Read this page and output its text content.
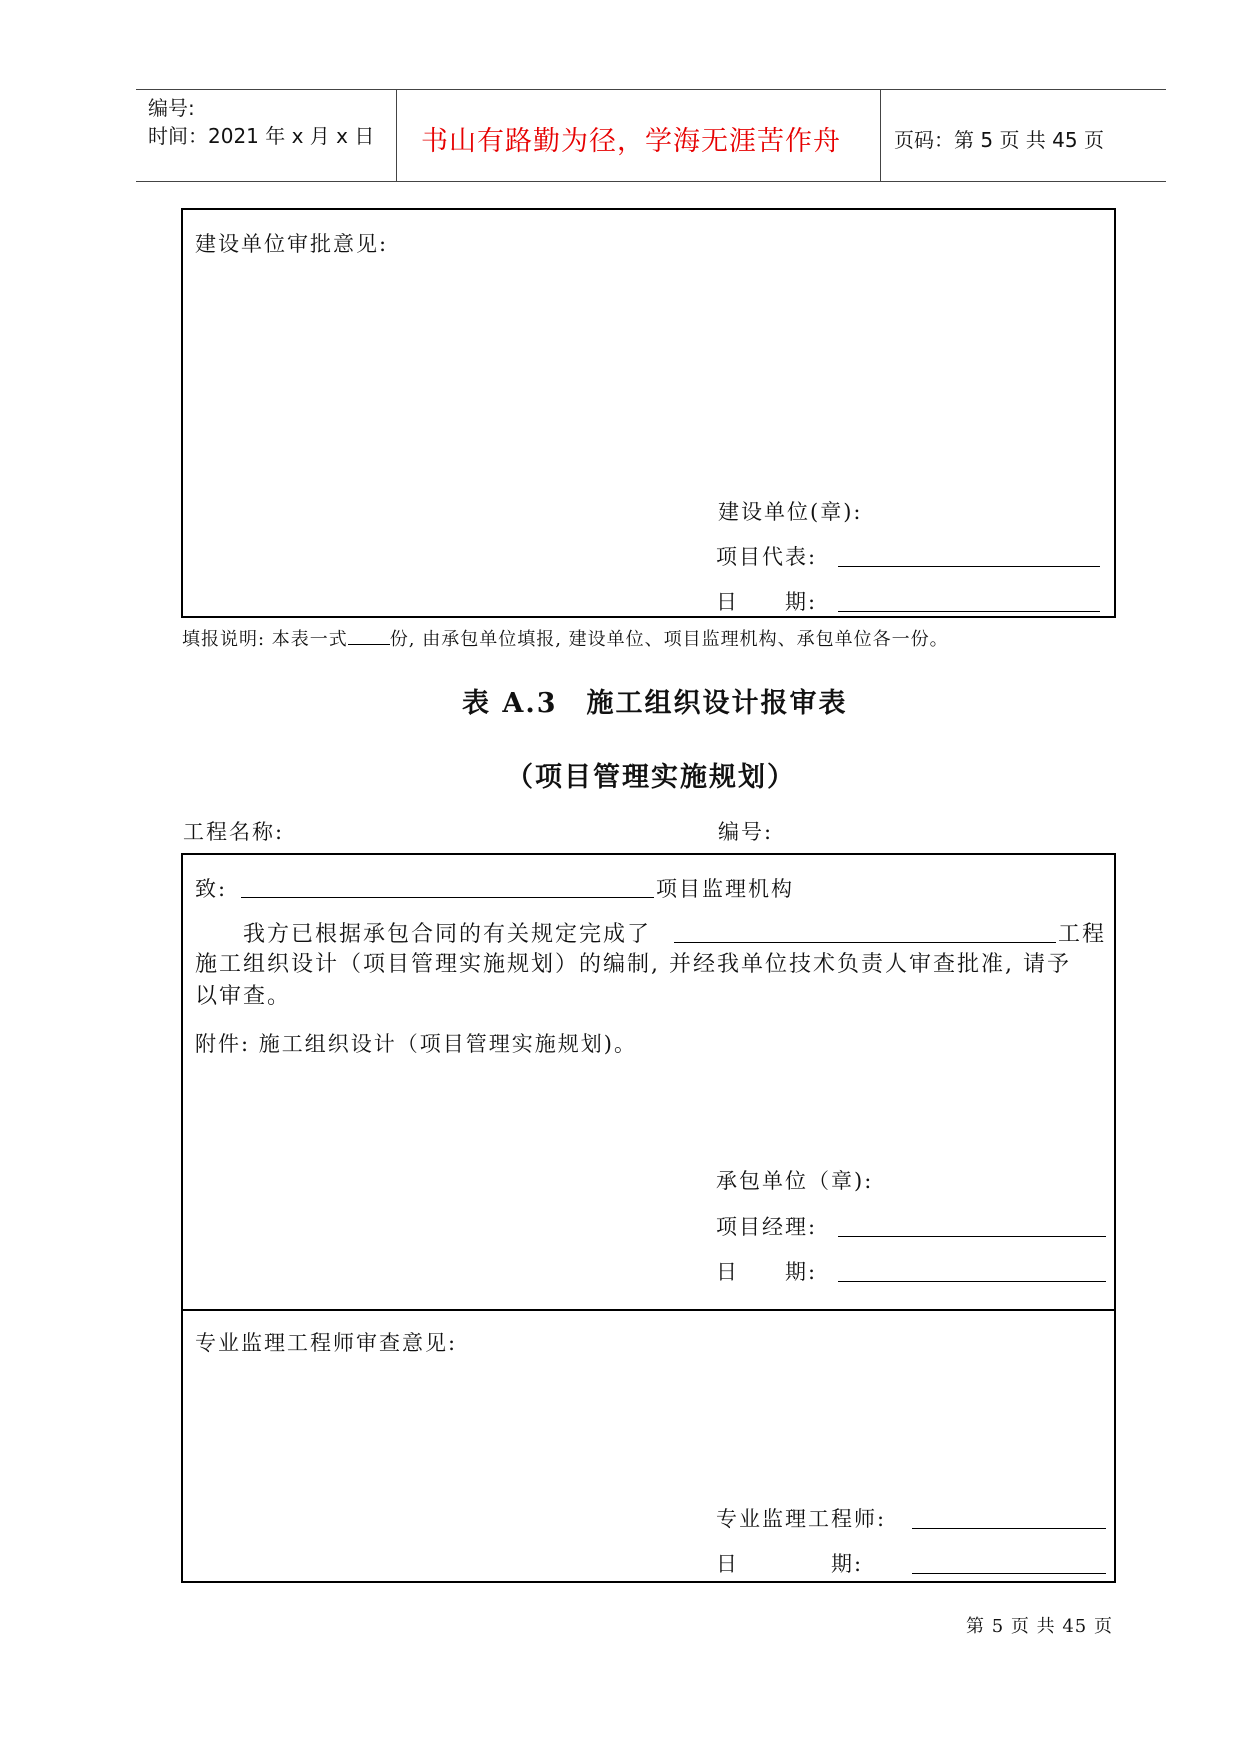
编号:
时间：2021 年 x 月 x 日 书山有路勤为径，学海无涯苦作舟	页码：第 5 页 共 45 页
建设单位审批意见:
建设单位(章):
项目代表:
日　　期:
填报说明: 本表一式 份, 由承包单位填报, 建设单位、项目监理机构、承包单位各一份。
表 A.3　施工组织设计报审表
（项目管理实施规划）
工程名称:	编号:
致:	项目监理机构
我方已根据承包合同的有关规定完成了	工程
施工组织设计（项目管理实施规划）的编制, 并经我单位技术负责人审查批准, 请予
以审查。
附件: 施工组织设计（项目管理实施规划)。
承包单位（章):
项目经理:
日　　期:
专业监理工程师审查意见:
专业监理工程师:
日　　　　期:
第 5 页 共 45 页
